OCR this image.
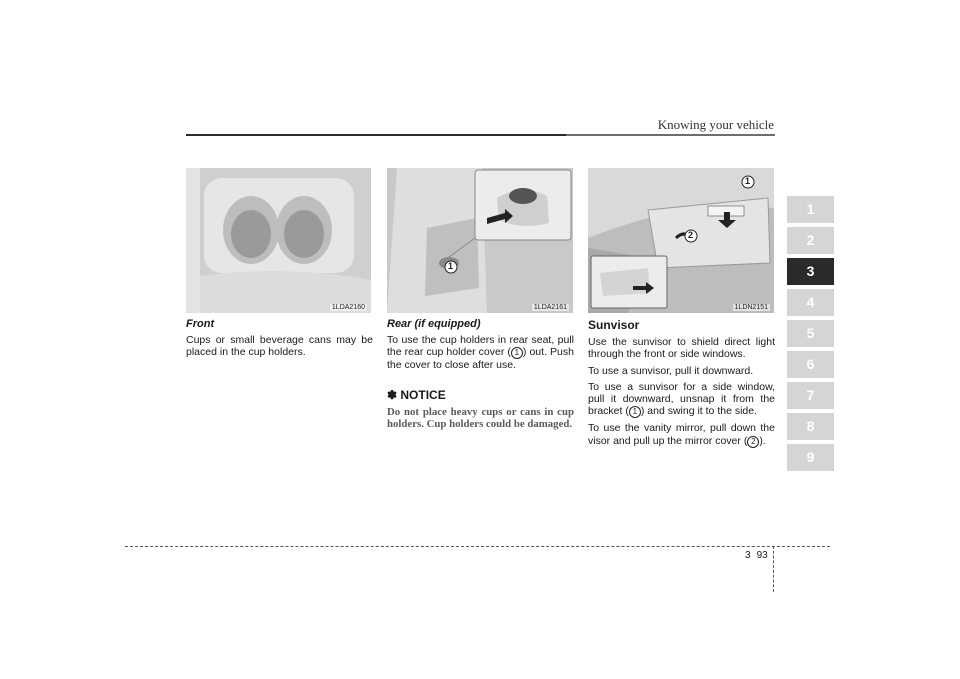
Knowing your vehicle
1LDA2160
1
1LDA2161
1
2
1LDN2151

Front

Cups or small beverage cans may be placed in the cup holders.

Rear (if equipped)

To use the cup holders in rear seat, pull the rear cup holder cover ( 1 ) out. Push the cover to close after use.

✽ NOTICE

Do not place heavy cups or cans in cup holders. Cup holders could be damaged.

Sunvisor

Use the sunvisor to shield direct light through the front or side windows.

To use a sunvisor, pull it downward.

To use a sunvisor for a side window, pull it downward, unsnap it from the bracket ( 1 ) and swing it to the side.

To use the vanity mirror, pull down the visor and pull up the mirror cover ( 2 ).

1
2
3
4
5
6
7
8
9
3 93
